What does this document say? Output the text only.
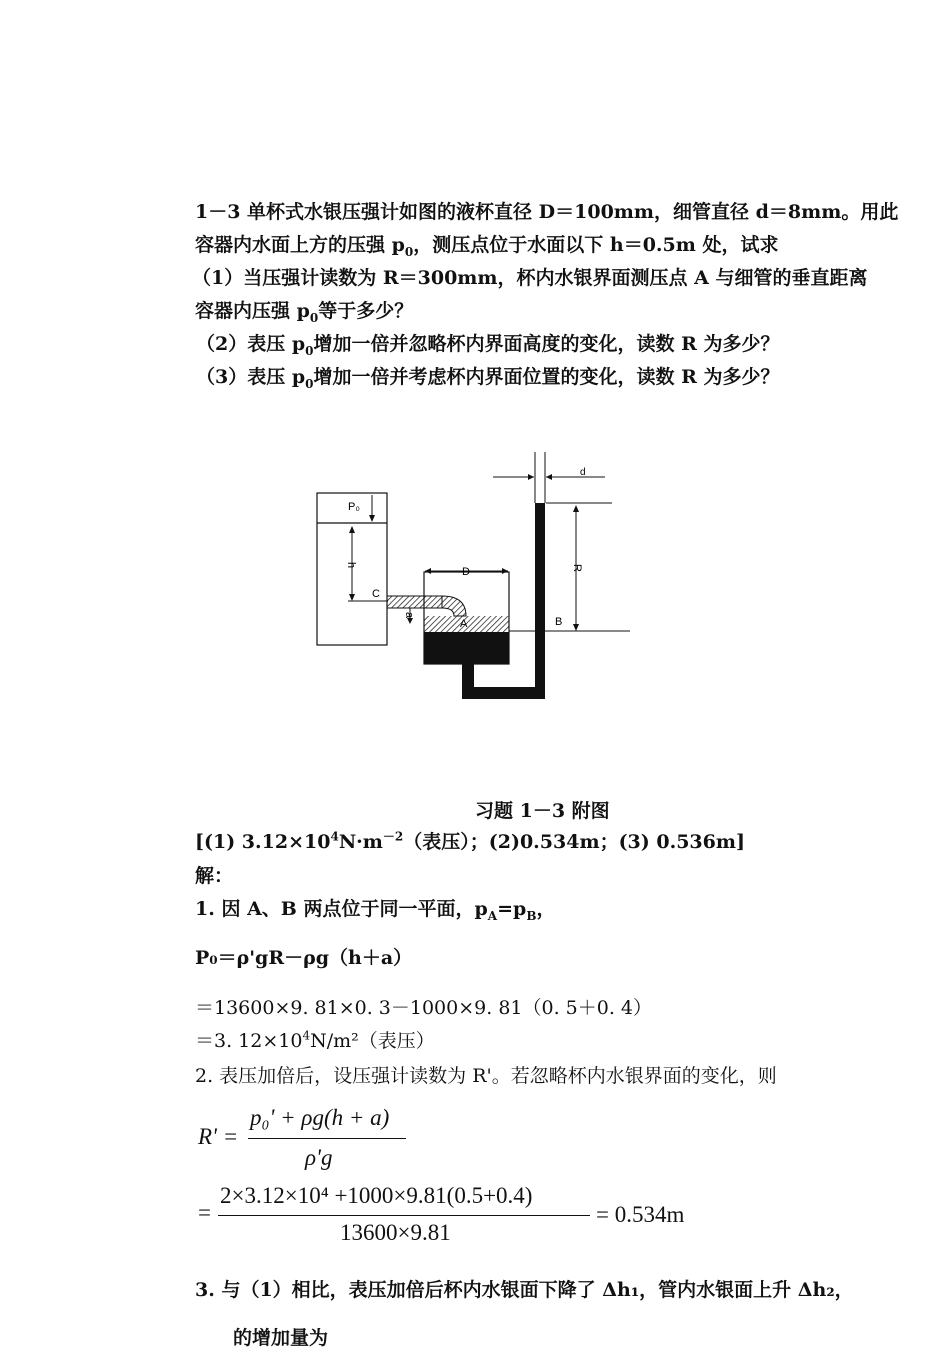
1－3 单杯式水银压强计如图的液杯直径 D＝100mm，细管直径 d＝8mm。用此
容器内水面上方的压强 $p_0$，测压点位于水面以下 h＝0.5m 处，试求
（1）当压强计读数为 R＝300mm，杯内水银界面测压点 A 与细管的垂直距离
容器内压强 $p_0$等于多少？
（2）表压 $p_0$增加一倍并忽略杯内界面高度的变化，读数 R 为多少？
（3）表压 $p_0$增加一倍并考虑杯内界面位置的变化，读数 R 为多少？
P₀
h
C
a
A
D
d
R
B
习题 1－3 附图
[(1) $3.12\times 10^4N\cdot m^{-2}$（表压）；(2)0.534m；(3) 0.536m]
解：
1. 因 A、B 两点位于同一平面，$p_A=p_B$，
P₀＝ρ'gR－ρg（h＋a）
＝13600×9. 81×0. 3－1000×9. 81（0. 5＋0. 4）
＝3. $12\times 10^4N/m^2$（表压）
2. 表压加倍后，设压强计读数为 R'。若忽略杯内水银界面的变化，则
R' =
p₀' + ρg(h + a)
ρ'g
=
2×3.12×10⁴ +1000×9.81(0.5+0.4)
13600×9.81
= 0.534m
3. 与（1）相比，表压加倍后杯内水银面下降了 Δh₁，管内水银面上升 Δh₂，
的增加量为
